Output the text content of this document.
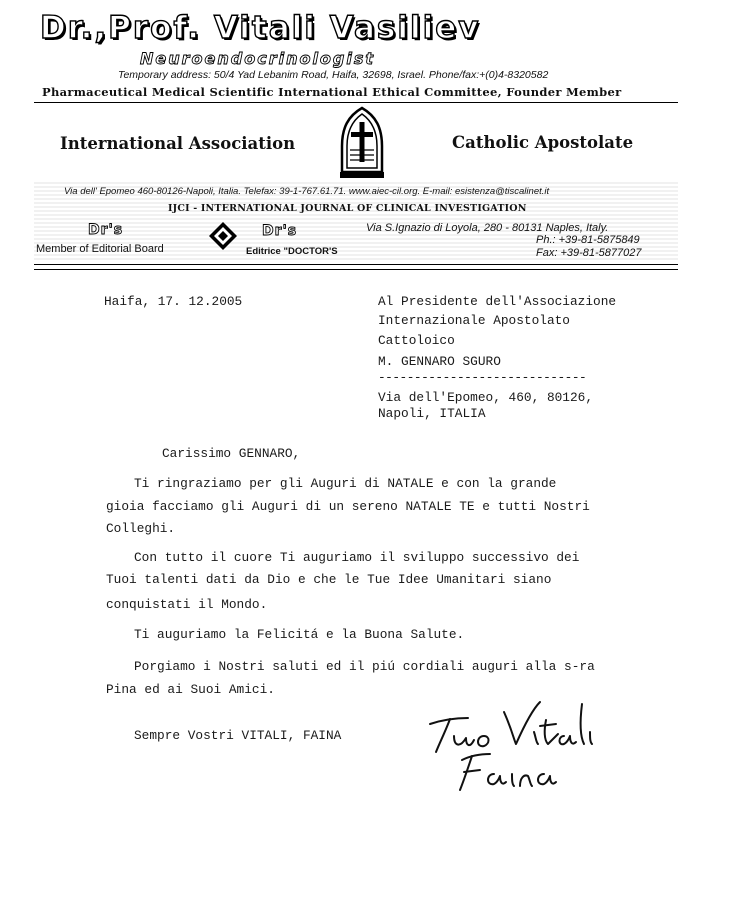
Dr.,Prof. Vitali Vasiliev
Neuroendocrinologist
Temporary address: 50/4 Yad Lebanim Road, Haifa, 32698, Israel. Phone/fax:+(0)4-8320582
Pharmaceutical Medical Scientific International Ethical Committee, Founder Member
International Association	Catholic Apostolate
Via dell' Epomeo 460-80126-Napoli, Italia. Telefax: 39-1-767.61.71. www.aiec-cil.org. E-mail: esistenza@tiscalinet.it
IJCI - INTERNATIONAL JOURNAL OF CLINICAL INVESTIGATION
Dr's
Member of Editorial Board
Dr's
Editrice "DOCTOR'S
Via S.Ignazio di Loyola, 280 - 80131 Naples, Italy.
Ph.: +39-81-5875849
Fax: +39-81-5877027
Haifa, 17. 12.2005	Al Presidente dell'Associazione
Internazionale Apostolato
Cattoloico
M. GENNARO SGURO
-----------------------------
Via dell'Epomeo, 460, 80126,
Napoli, ITALIA
Carissimo GENNARO,
Ti ringraziamo per gli Auguri di NATALE e con la grande
gioia facciamo gli Auguri di un sereno NATALE TE e tutti Nostri
Colleghi.
Con tutto il cuore Ti auguriamo il sviluppo successivo dei
Tuoi talenti dati da Dio e che le Tue Idee Umanitari siano
conquistati il Mondo.
Ti auguriamo la Felicitá e la Buona Salute.
Porgiamo i Nostri saluti ed il piú cordiali auguri alla s-ra
Pina ed ai Suoi Amici.
Sempre Vostri VITALI, FAINA
